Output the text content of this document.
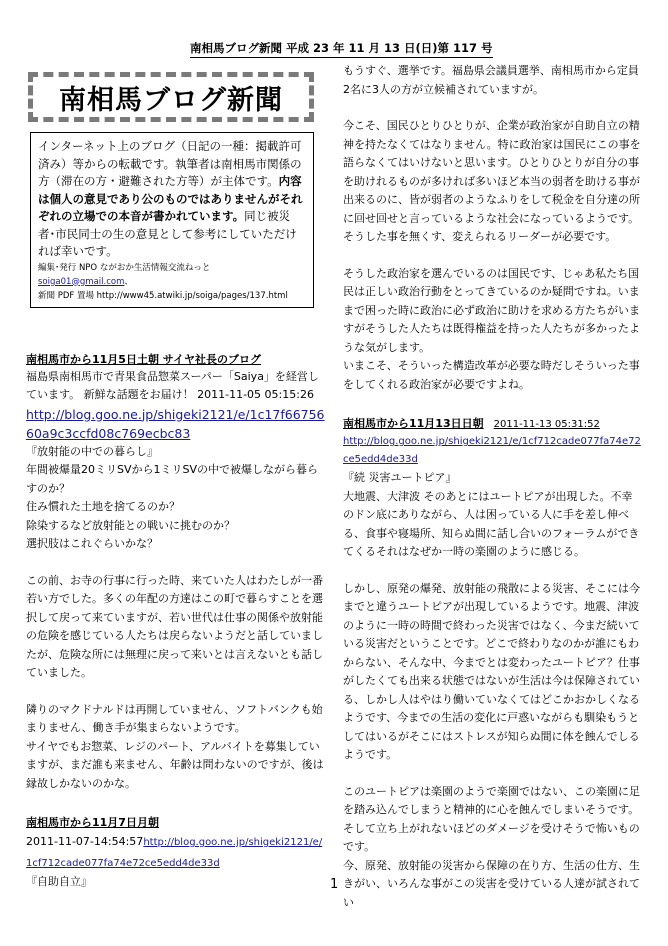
南相馬ブログ新聞 平成 23 年 11 月 13 日(日)第 117 号
南相馬ブログ新聞
インターネット上のブログ（日記の一種：掲載許可済み）等からの転載です。執筆者は南相馬市関係の方（滞在の方・避難された方等）が主体です。内容は個人の意見であり公のものではありませんがそれぞれの立場での本音が書かれています。同じ被災者･市民同士の生の意見として参考にしていただければ幸いです。
編集･発行 NPO ながおか生活情報交流ねっと soiga01@gmail.com、
新聞 PDF 置場 http://www45.atwiki.jp/soiga/pages/137.html
南相馬市から11月5日土朝 サイヤ社長のブログ

福島県南相馬市で青果食品惣菜スーパー「Saiya」を経営しています。 新鮮な話題をお届け！ 2011-11-05 05:15:26

http://blog.goo.ne.jp/shigeki2121/e/1c17f6675660a9c3ccfd08c769ecbc83

『放射能の中での暮らし』

年間被爆量20ミリSVから1ミリSVの中で被爆しながら暮らすのか？

住み慣れた土地を捨てるのか？

除染するなど放射能との戦いに挑むのか？

選択肢はこれぐらいかな？

この前、お寺の行事に行った時、来ていた人はわたしが一番若い方でした。多くの年配の方達はこの町で暮らすことを選択して戻って来ていますが、若い世代は仕事の関係や放射能の危険を感じている人たちは戻らないようだと話していましたが、危険な所には無理に戻って来いとは言えないとも話していました。

隣りのマクドナルドは再開していません、ソフトバンクも始まりません、働き手が集まらないようです。

サイヤでもお惣菜、レジのパート、アルバイトを募集していますが、まだ誰も来ません、年齢は問わないのですが、後は縁故しかないのかな。

南相馬市から11月7日月朝
2011-11-07-14:54:57http://blog.goo.ne.jp/shigeki2121/e/1cf712cade077fa74e72ce5edd4de33d

『自助自立』

もうすぐ、選挙です。福島県会議員選挙、南相馬市から定員2名に3人の方が立候補されていますが。

今こそ、国民ひとりひとりが、企業が政治家が自助自立の精神を持たなくてはなりません。特に政治家は国民にこの事を語らなくてはいけないと思います。ひとりひとりが自分の事を助けれるものが多ければ多いほど本当の弱者を助ける事が出来るのに、皆が弱者のようなふりをして税金を自分達の所に回せ回せと言っているような社会になっているようです。

そうした事を無くす、変えられるリーダーが必要です。

そうした政治家を選んでいるのは国民です、じゃあ私たち国民は正しい政治行動をとってきているのか疑問ですね。いままで困った時に政治に必ず政治に助けを求める方たちがいますがそうした人たちは既得権益を持った人たちが多かったような気がします。

いまこそ、そういった構造改革が必要な時だしそういった事をしてくれる政治家が必要ですよね。

南相馬市から11月13日日朝 2011-11-13 05:31:52
http://blog.goo.ne.jp/shigeki2121/e/1cf712cade077fa74e72ce5edd4de33d

『続 災害ユートピア』

大地震、大津波 そのあとにはユートピアが出現した。不幸のドン底にありながら、人は困っている人に手を差し伸べる、食事や寝場所、知らぬ間に話し合いのフォーラムができてくるそれはなぜか一時の楽園のように感じる。

しかし、原発の爆発、放射能の飛散による災害、そこには今までと違うユートピアが出現しているようです。地震、津波のように一時の時間で終わった災害ではなく、今まだ続いている災害だということです。どこで終わりなのかが誰にもわからない、そんな中、今までとは変わったユートピア？仕事がしたくても出来る状態ではないが生活は今は保障されている、しかし人はやはり働いていなくてはどこかおかしくなるようです、今までの生活の変化に戸惑いながらも馴染もうとしてはいるがそこにはストレスが知らぬ間に体を蝕んでしるようです。

このユートピアは楽園のようで楽園ではない、この楽園に足を踏み込んでしまうと精神的に心を蝕んでしまいそうです。そして立ち上がれないほどのダメージを受けそうで怖いものです。

今、原発、放射能の災害から保障の在り方、生活の仕方、生きがい、いろんな事がこの災害を受けている人達が試されてい

1
